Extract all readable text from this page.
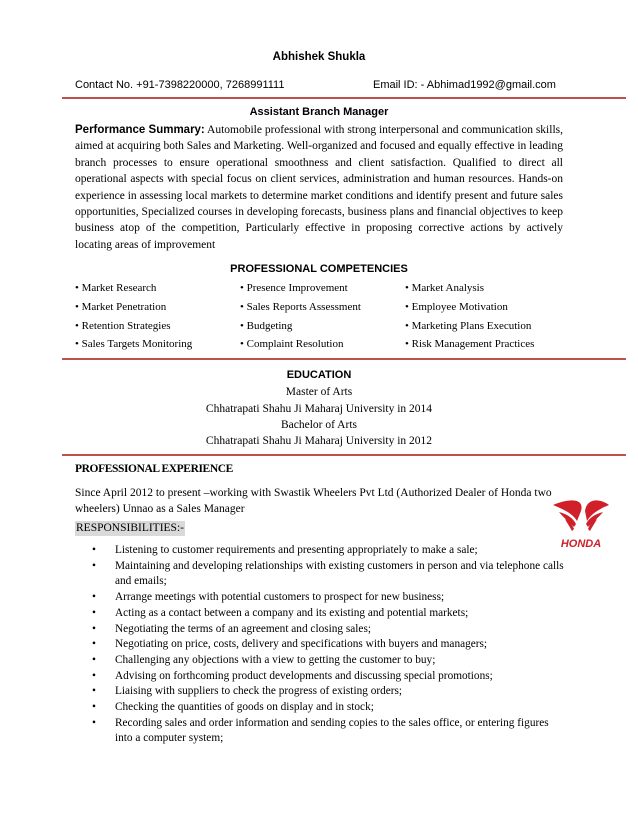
Abhishek Shukla
Contact No. +91-7398220000, 7268991111	Email ID: - Abhimad1992@gmail.com
Assistant Branch Manager
Performance Summary: Automobile professional with strong interpersonal and communication skills, aimed at acquiring both Sales and Marketing. Well-organized and focused and equally effective in leading branch processes to ensure operational smoothness and client satisfaction. Qualified to direct all operational aspects with special focus on client services, administration and human resources. Hands-on experience in assessing local markets to determine market conditions and identify present and future sales opportunities, Specialized courses in developing forecasts, business plans and financial objectives to keep business atop of the competition, Particularly effective in proposing corrective actions by actively locating areas of improvement
PROFESSIONAL COMPETENCIES
• Market Research
• Market Penetration
• Retention Strategies
• Sales Targets Monitoring
• Presence Improvement
• Sales Reports Assessment
• Budgeting
• Complaint Resolution
• Market Analysis
• Employee Motivation
• Marketing Plans Execution
• Risk Management Practices
EDUCATION
Master of Arts
Chhatrapati Shahu Ji Maharaj University in 2014
Bachelor of Arts
Chhatrapati Shahu Ji Maharaj University in 2012
PROFESSIONAL EXPERIENCE
Since April 2012 to present –working with Swastik Wheelers Pvt Ltd (Authorized Dealer of Honda two wheelers) Unnao as a Sales Manager
RESPONSIBILITIES:-
HONDA
• Listening to customer requirements and presenting appropriately to make a sale;
• Maintaining and developing relationships with existing customers in person and via telephone calls and emails;
• Arrange meetings with potential customers to prospect for new business;
• Acting as a contact between a company and its existing and potential markets;
• Negotiating the terms of an agreement and closing sales;
• Negotiating on price, costs, delivery and specifications with buyers and managers;
• Challenging any objections with a view to getting the customer to buy;
• Advising on forthcoming product developments and discussing special promotions;
• Liaising with suppliers to check the progress of existing orders;
• Checking the quantities of goods on display and in stock;
• Recording sales and order information and sending copies to the sales office, or entering figures into a computer system;
